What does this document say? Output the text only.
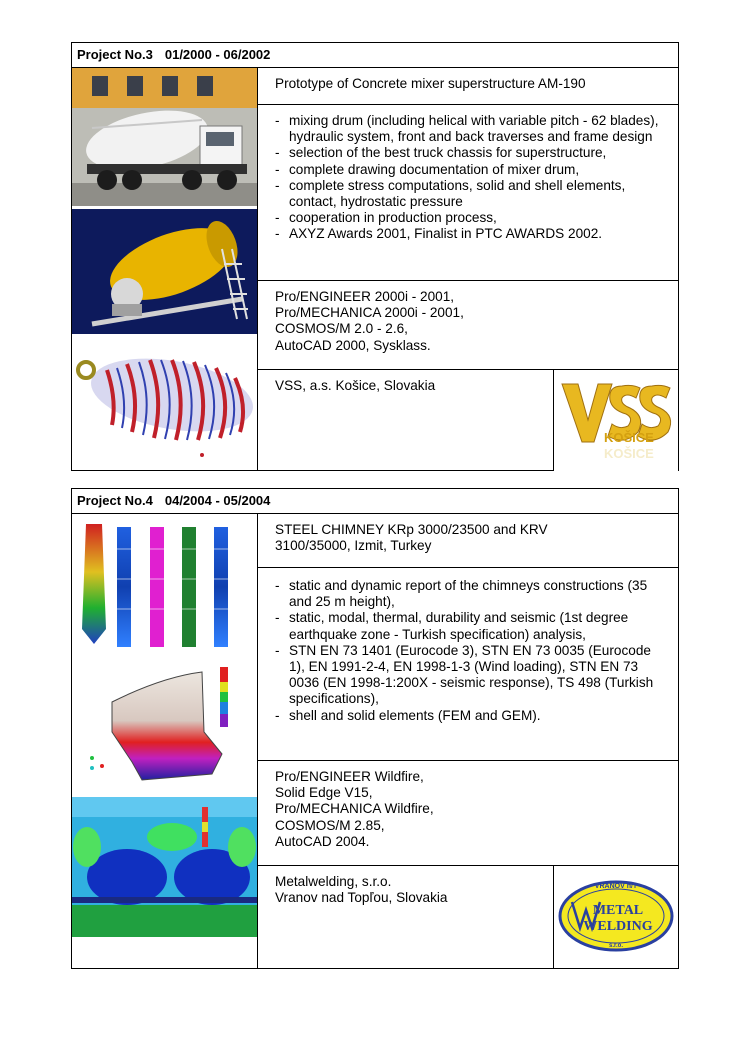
Project No.3 01/2000 - 06/2002
Prototype of Concrete mixer superstructure AM-190
- mixing drum (including helical with variable pitch - 62 blades), hydraulic system, front and back traverses and frame design
- selection of the best truck chassis for superstructure,
- complete drawing documentation of mixer drum,
- complete stress computations, solid and shell elements, contact, hydrostatic pressure
- cooperation in production process,
- AXYZ Awards 2001, Finalist in PTC AWARDS 2002.
Pro/ENGINEER 2000i - 2001,
Pro/MECHANICA 2000i - 2001,
COSMOS/M 2.0 - 2.6,
AutoCAD 2000, Sysklass.
VSS, a.s. Košice, Slovakia
KOŠICE
KOŠICE
Project No.4 04/2004 - 05/2004
STEEL CHIMNEY KRp 3000/23500 and KRV
3100/35000, Izmit, Turkey
- static and dynamic report of the chimneys constructions (35 and 25 m height),
- static, modal, thermal, durability and seismic (1st degree earthquake zone - Turkish specification) analysis,
- STN EN 73 1401 (Eurocode 3), STN EN 73 0035 (Eurocode 1), EN 1991-2-4, EN 1998-1-3 (Wind loading), STN EN 73 0036 (EN 1998-1:200X - seismic response), TS 498 (Turkish specifications),
- shell and solid elements (FEM and GEM).
Pro/ENGINEER Wildfire,
Solid Edge V15,
Pro/MECHANICA Wildfire,
COSMOS/M 2.85,
AutoCAD 2004.
Metalwelding, s.r.o.
Vranov nad Topľou, Slovakia
VRANOV n/T
METAL
WELDING
s.r.o.
